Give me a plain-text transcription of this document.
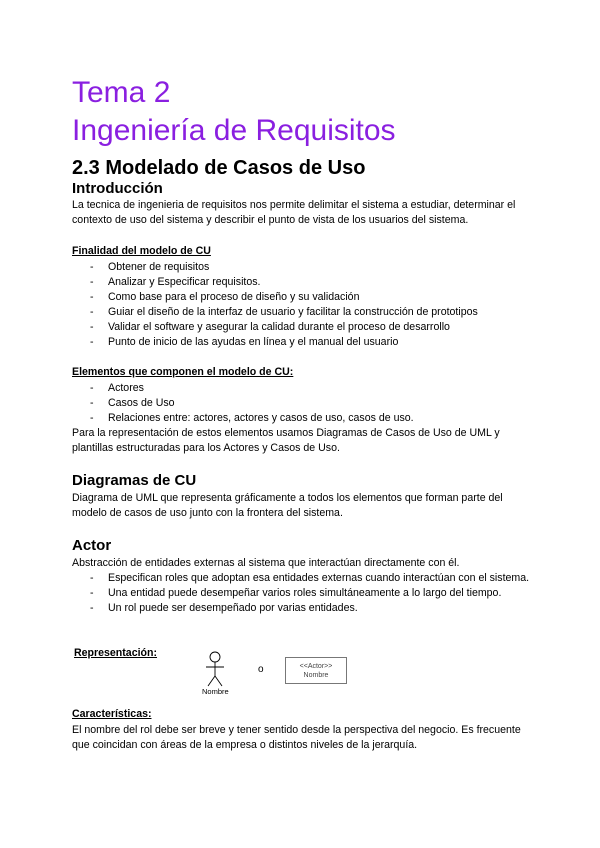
Tema 2
Ingeniería de Requisitos
2.3 Modelado de Casos de Uso
Introducción
La tecnica de ingenieria de requisitos nos permite delimitar el sistema a estudiar, determinar el contexto de uso del sistema y describir el punto de vista de los usuarios del sistema.
Finalidad del modelo de CU
- Obtener de requisitos
- Analizar y Especificar requisitos.
- Como base para el proceso de diseño y su validación
- Guiar el diseño de la interfaz de usuario y facilitar la construcción de prototipos
- Validar el software y asegurar la calidad durante el proceso de desarrollo
- Punto de inicio de las ayudas en línea y el manual del usuario
Elementos que componen el modelo de CU:
- Actores
- Casos de Uso
- Relaciones entre: actores, actores y casos de uso, casos de uso.
Para la representación de estos elementos usamos Diagramas de Casos de Uso de UML y plantillas estructuradas para los Actores y Casos de Uso.
Diagramas de CU
Diagrama de UML que representa gráficamente a todos los elementos que forman parte del modelo de casos de uso junto con la frontera del sistema.
Actor
Abstracción de entidades externas al sistema que interactúan directamente con él.
- Especifican roles que adoptan esa entidades externas cuando interactúan con el sistema.
- Una entidad puede desempeñar varios roles simultáneamente a lo largo del tiempo.
- Un rol puede ser desempeñado por varias entidades.
Representación:
Nombre
o	<<Actor>>
Nombre
Características:
El nombre del rol debe ser breve y tener sentido desde la perspectiva del negocio. Es frecuente que coincidan con áreas de la empresa o distintos niveles de la jerarquía.
